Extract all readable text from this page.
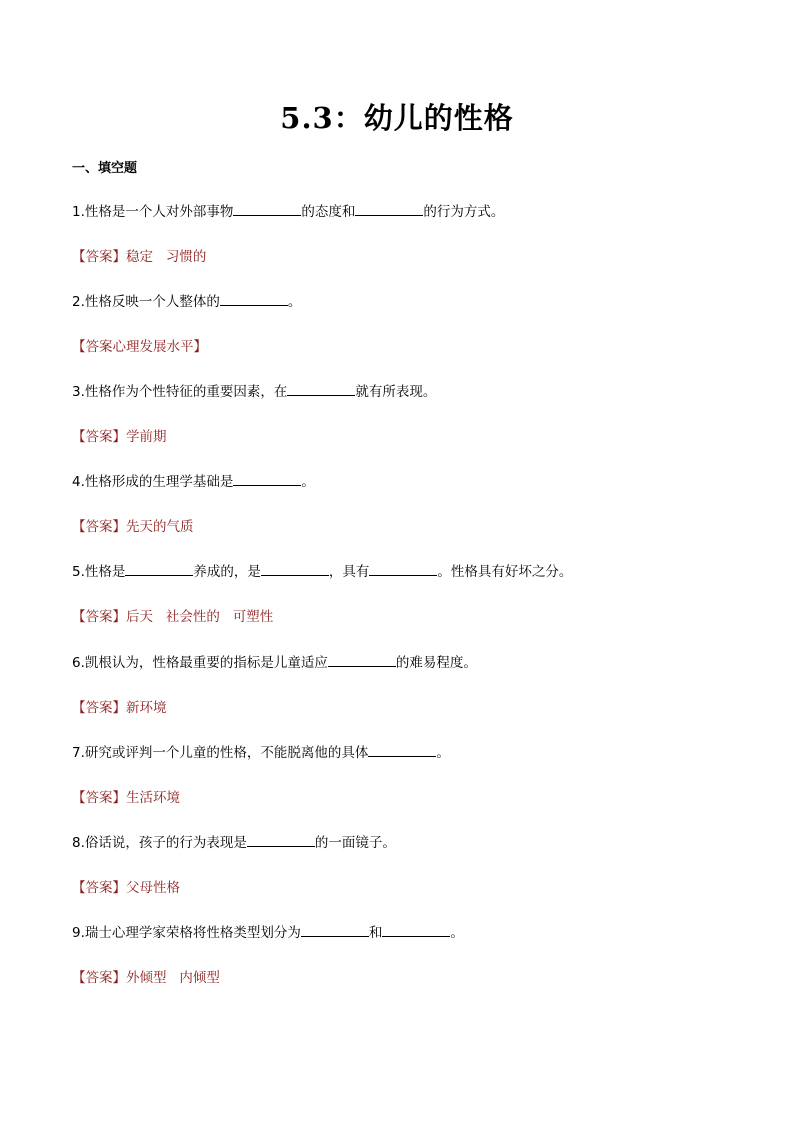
5.3：幼儿的性格
一、填空题
1.性格是一个人对外部事物	的态度和	的行为方式。
【答案】稳定   习惯的
2.性格反映一个人整体的	。
【答案心理发展水平】
3.性格作为个性特征的重要因素，在	就有所表现。
【答案】学前期
4.性格形成的生理学基础是	。
【答案】先天的气质
5.性格是	养成的，是	，具有	。性格具有好坏之分。
【答案】后天   社会性的   可塑性
6.凯根认为，性格最重要的指标是儿童适应	的难易程度。
【答案】新环境
7.研究或评判一个儿童的性格，不能脱离他的具体	。
【答案】生活环境
8.俗话说，孩子的行为表现是	的一面镜子。
【答案】父母性格
9.瑞士心理学家荣格将性格类型划分为	和	。
【答案】外倾型   内倾型
